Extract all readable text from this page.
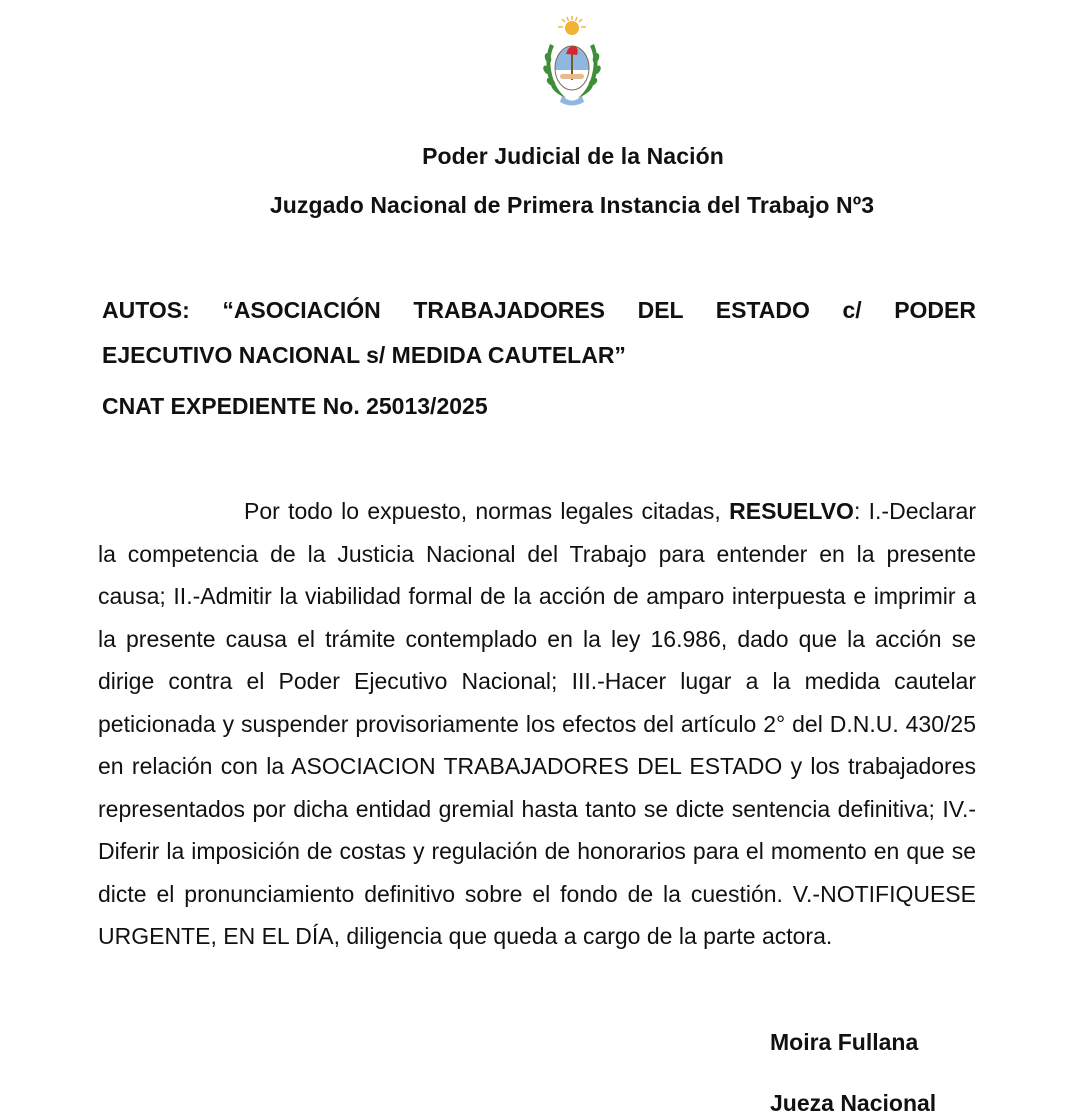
Poder Judicial de la Nación
Juzgado Nacional de Primera Instancia del Trabajo Nº3
AUTOS: “ASOCIACIÓN TRABAJADORES DEL ESTADO c/ PODER
EJECUTIVO NACIONAL s/ MEDIDA CAUTELAR”
CNAT EXPEDIENTE No. 25013/2025
Por todo lo expuesto, normas legales citadas, RESUELVO: I.-Declarar la competencia de la Justicia Nacional del Trabajo para entender en la presente causa; II.-Admitir la viabilidad formal de la acción de amparo interpuesta e imprimir a la presente causa el trámite contemplado en la ley 16.986, dado que la acción se dirige contra el Poder Ejecutivo Nacional; III.-Hacer lugar a la medida cautelar peticionada y suspender provisoriamente los efectos del artículo 2° del D.N.U. 430/25 en relación con la ASOCIACION TRABAJADORES DEL ESTADO y los trabajadores representados por dicha entidad gremial hasta tanto se dicte sentencia definitiva; IV.-Diferir la imposición de costas y regulación de honorarios para el momento en que se dicte el pronunciamiento definitivo sobre el fondo de la cuestión. V.-NOTIFIQUESE URGENTE, EN EL DÍA, diligencia que queda a cargo de la parte actora.
Moira Fullana
Jueza Nacional
